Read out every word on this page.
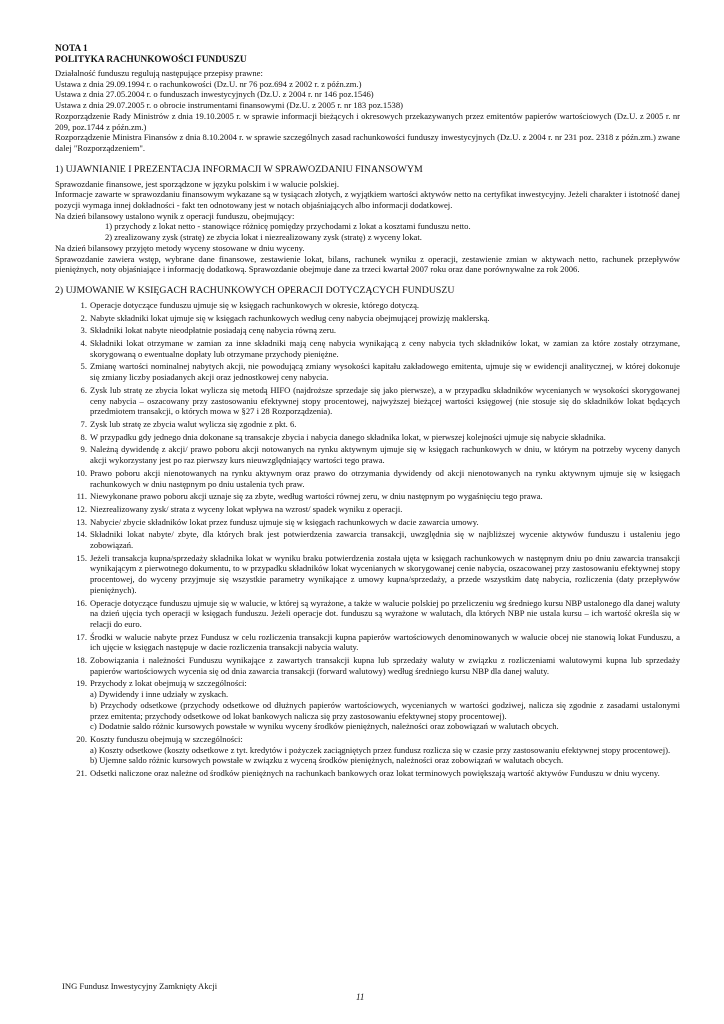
NOTA 1
POLITYKA RACHUNKOWOŚCI FUNDUSZU

Działalność funduszu regulują następujące przepisy prawne:

Ustawa z dnia 29.09.1994 r. o rachunkowości (Dz.U. nr 76 poz.694 z 2002 r. z późn.zm.)

Ustawa z dnia 27.05.2004 r. o funduszach inwestycyjnych (Dz.U. z 2004 r. nr 146 poz.1546)

Ustawa z dnia 29.07.2005 r. o obrocie instrumentami finansowymi (Dz.U. z 2005 r. nr 183 poz.1538)

Rozporządzenie Rady Ministrów z dnia 19.10.2005 r. w sprawie informacji bieżących i okresowych przekazywanych przez emitentów papierów wartościowych (Dz.U. z 2005 r. nr 209, poz.1744 z późn.zm.)

Rozporządzenie Ministra Finansów z dnia 8.10.2004 r. w sprawie szczególnych zasad rachunkowości funduszy inwestycyjnych (Dz.U. z 2004 r. nr 231 poz. 2318 z późn.zm.) zwane dalej "Rozporządzeniem".

1) UJAWNIANIE I PREZENTACJA INFORMACJI W SPRAWOZDANIU FINANSOWYM

Sprawozdanie finansowe, jest sporządzone w języku polskim i w walucie polskiej.

Informacje zawarte w sprawozdaniu finansowym wykazane są w tysiącach złotych, z wyjątkiem wartości aktywów netto na certyfikat inwestycyjny. Jeżeli charakter i istotność danej pozycji wymaga innej dokładności - fakt ten odnotowany jest w notach objaśniających albo informacji dodatkowej.

Na dzień bilansowy ustalono wynik z operacji funduszu, obejmujący:

1) przychody z lokat netto - stanowiące różnicę pomiędzy przychodami z lokat a kosztami funduszu netto.

2) zrealizowany zysk (stratę) ze zbycia lokat i niezrealizowany zysk (stratę) z wyceny lokat.

Na dzień bilansowy przyjęto metody wyceny stosowane w dniu wyceny.

Sprawozdanie zawiera wstęp, wybrane dane finansowe, zestawienie lokat, bilans, rachunek wyniku z operacji, zestawienie zmian w aktywach netto, rachunek przepływów pieniężnych, noty objaśniające i informację dodatkową. Sprawozdanie obejmuje dane za trzeci kwartał 2007 roku oraz dane porównywalne za rok 2006.

2) UJMOWANIE W KSIĘGACH RACHUNKOWYCH OPERACJI DOTYCZĄCYCH FUNDUSZU
1. Operacje dotyczące funduszu ujmuje się w księgach rachunkowych w okresie, którego dotyczą.
2. Nabyte składniki lokat ujmuje się w księgach rachunkowych według ceny nabycia obejmującej prowizję maklerską.
3. Składniki lokat nabyte nieodpłatnie posiadają cenę nabycia równą zeru.
4. Składniki lokat otrzymane w zamian za inne składniki mają cenę nabycia wynikającą z ceny nabycia tych składników lokat, w zamian za które zostały otrzymane, skorygowaną o ewentualne dopłaty lub otrzymane przychody pieniężne.
5. Zmianę wartości nominalnej nabytych akcji, nie powodującą zmiany wysokości kapitału zakładowego emitenta, ujmuje się w ewidencji analitycznej, w której dokonuje się zmiany liczby posiadanych akcji oraz jednostkowej ceny nabycia.
6. Zysk lub stratę ze zbycia lokat wylicza się metodą HIFO (najdroższe sprzedaje się jako pierwsze), a w przypadku składników wycenianych w wysokości skorygowanej ceny nabycia – oszacowany przy zastosowaniu efektywnej stopy procentowej, najwyższej bieżącej wartości księgowej (nie stosuje się do składników lokat będących przedmiotem transakcji, o których mowa w §27 i 28 Rozporządzenia).
7. Zysk lub stratę ze zbycia walut wylicza się zgodnie z pkt. 6.
8. W przypadku gdy jednego dnia dokonane są transakcje zbycia i nabycia danego składnika lokat, w pierwszej kolejności ujmuje się nabycie składnika.
9. Należną dywidendę z akcji/ prawo poboru akcji notowanych na rynku aktywnym ujmuje się w księgach rachunkowych w dniu, w którym na potrzeby wyceny danych akcji wykorzystany jest po raz pierwszy kurs nieuwzględniający wartości tego prawa.
10. Prawo poboru akcji nienotowanych na rynku aktywnym oraz prawo do otrzymania dywidendy od akcji nienotowanych na rynku aktywnym ujmuje się w księgach rachunkowych w dniu następnym po dniu ustalenia tych praw.
11. Niewykonane prawo poboru akcji uznaje się za zbyte, według wartości równej zeru, w dniu następnym po wygaśnięciu tego prawa.
12. Niezrealizowany zysk/ strata z wyceny lokat wpływa na wzrost/ spadek wyniku z operacji.
13. Nabycie/ zbycie składników lokat przez fundusz ujmuje się w księgach rachunkowych w dacie zawarcia umowy.
14. Składniki lokat nabyte/ zbyte, dla których brak jest potwierdzenia zawarcia transakcji, uwzględnia się w najbliższej wycenie aktywów funduszu i ustaleniu jego zobowiązań.
15. Jeżeli transakcja kupna/sprzedaży składnika lokat w wyniku braku potwierdzenia została ujęta w księgach rachunkowych w następnym dniu po dniu zawarcia transakcji wynikającym z pierwotnego dokumentu, to w przypadku składników lokat wycenianych w skorygowanej cenie nabycia, oszacowanej przy zastosowaniu efektywnej stopy procentowej, do wyceny przyjmuje się wszystkie parametry wynikające z umowy kupna/sprzedaży, a przede wszystkim datę nabycia, rozliczenia (daty przepływów pieniężnych).
16. Operacje dotyczące funduszu ujmuje się w walucie, w której są wyrażone, a także w walucie polskiej po przeliczeniu wg średniego kursu NBP ustalonego dla danej waluty na dzień ujęcia tych operacji w księgach funduszu. Jeżeli operacje dot. funduszu są wyrażone w walutach, dla których NBP nie ustala kursu – ich wartość określa się w relacji do euro.
17. Środki w walucie nabyte przez Fundusz w celu rozliczenia transakcji kupna papierów wartościowych denominowanych w walucie obcej nie stanowią lokat Funduszu, a ich ujęcie w księgach następuje w dacie rozliczenia transakcji nabycia waluty.
18. Zobowiązania i należności Funduszu wynikające z zawartych transakcji kupna lub sprzedaży waluty w związku z rozliczeniami walutowymi kupna lub sprzedaży papierów wartościowych wycenia się od dnia zawarcia transakcji (forward walutowy) według średniego kursu NBP dla danej waluty.
19. Przychody z lokat obejmują w szczególności:
a) Dywidendy i inne udziały w zyskach.
b) Przychody odsetkowe (przychody odsetkowe od dłużnych papierów wartościowych, wycenianych w wartości godziwej, nalicza się zgodnie z zasadami ustalonymi przez emitenta; przychody odsetkowe od lokat bankowych nalicza się przy zastosowaniu efektywnej stopy procentowej).
c) Dodatnie saldo różnic kursowych powstałe w wyniku wyceny środków pieniężnych, należności oraz zobowiązań w walutach obcych.
20. Koszty funduszu obejmują w szczególności:
a) Koszty odsetkowe (koszty odsetkowe z tyt. kredytów i pożyczek zaciągniętych przez fundusz rozlicza się w czasie przy zastosowaniu efektywnej stopy procentowej).
b) Ujemne saldo różnic kursowych powstałe w związku z wyceną środków pieniężnych, należności oraz zobowiązań w walutach obcych.
21. Odsetki naliczone oraz należne od środków pieniężnych na rachunkach bankowych oraz lokat terminowych powiększają wartość aktywów Funduszu w dniu wyceny.
ING Fundusz Inwestycyjny Zamknięty Akcji
11
